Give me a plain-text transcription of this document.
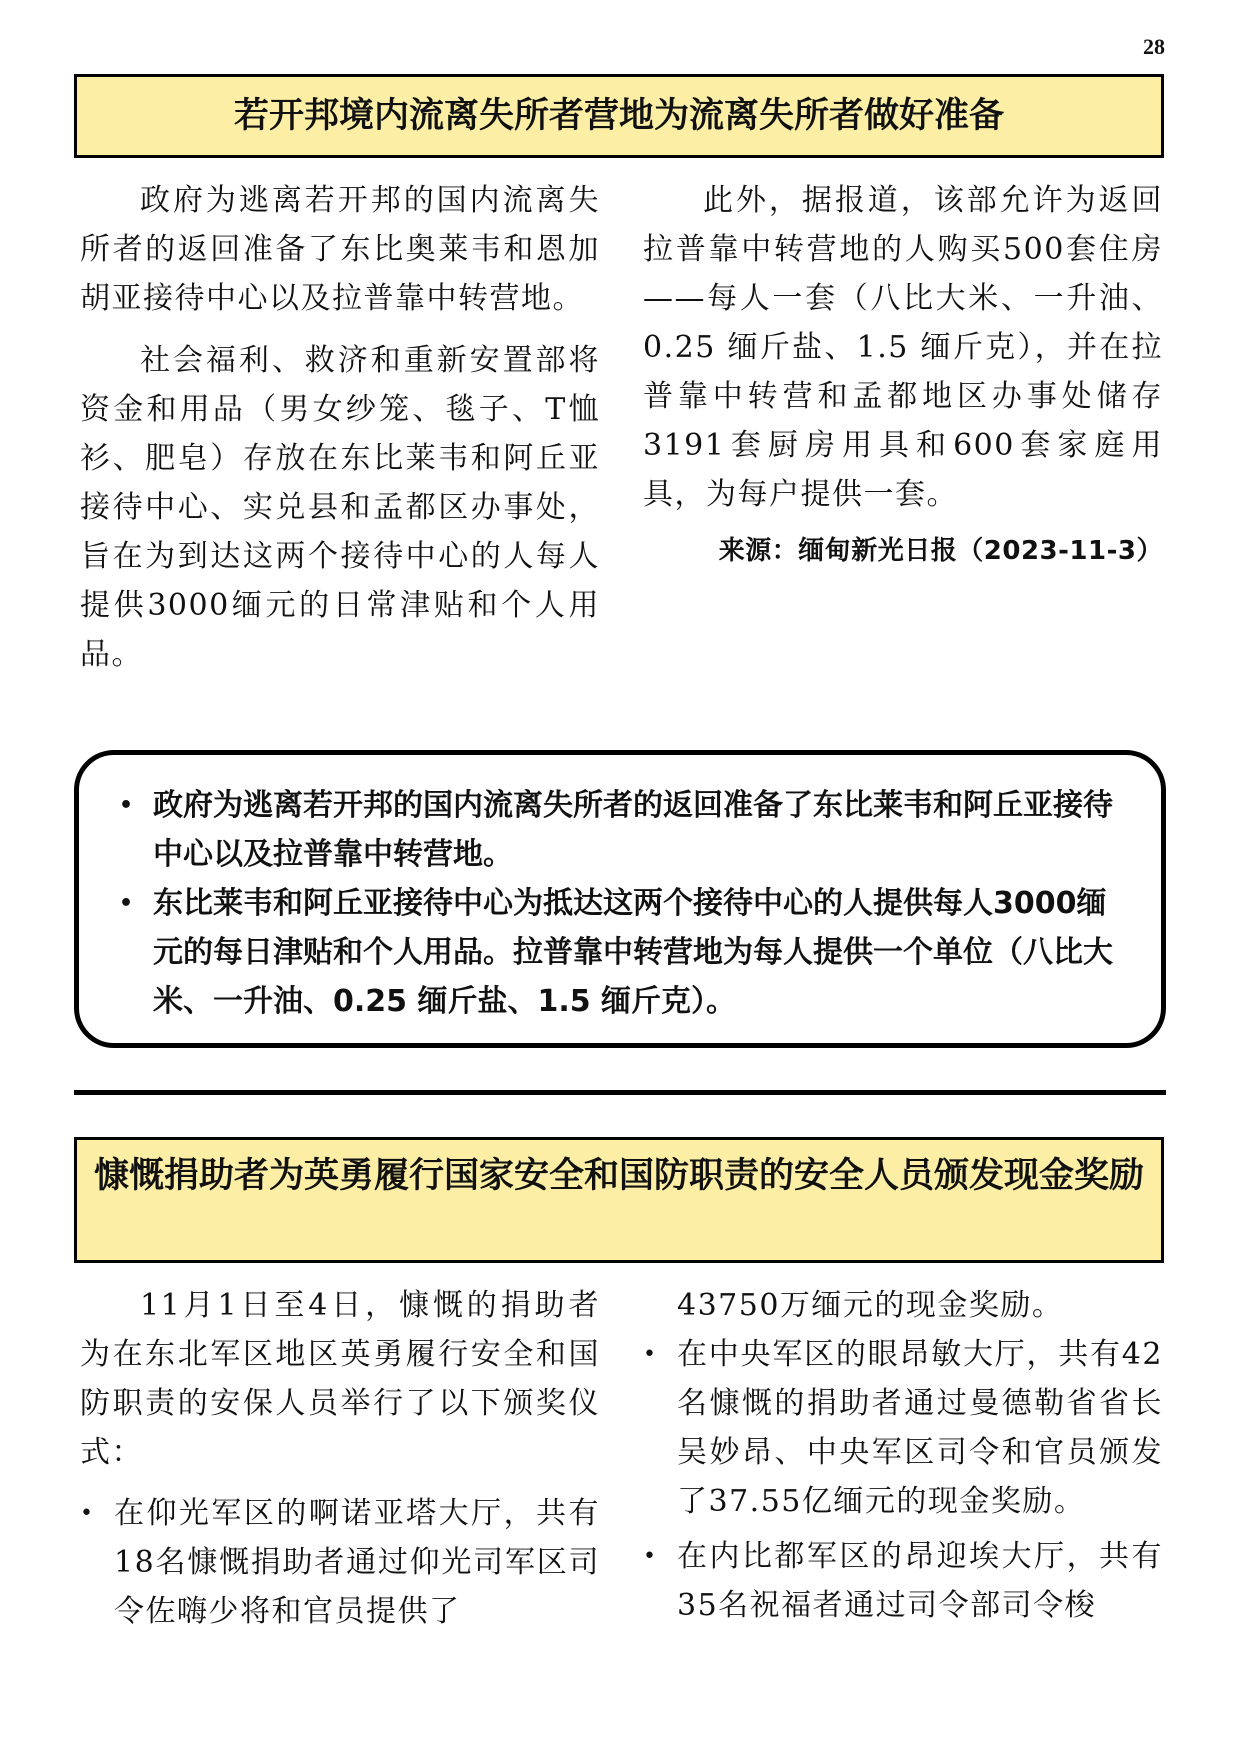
28
若开邦境内流离失所者营地为流离失所者做好准备

政府为逃离若开邦的国内流离失所者的返回准备了东比奥莱韦和恩加胡亚接待中心以及拉普靠中转营地。

社会福利、救济和重新安置部将资金和用品（男女纱笼、毯子、T恤衫、肥皂）存放在东比莱韦和阿丘亚接待中心、实兑县和孟都区办事处，旨在为到达这两个接待中心的人每人提供3000缅元的日常津贴和个人用品。

此外，据报道，该部允许为返回拉普靠中转营地的人购买500套住房——每人一套（八比大米、一升油、0.25 缅斤盐、1.5 缅斤克），并在拉普靠中转营和孟都地区办事处储存3191套厨房用具和600套家庭用具，为每户提供一套。

来源：缅甸新光日报（2023-11-3）
• 政府为逃离若开邦的国内流离失所者的返回准备了东比莱韦和阿丘亚接待中心以及拉普靠中转营地。
• 东比莱韦和阿丘亚接待中心为抵达这两个接待中心的人提供每人3000缅元的每日津贴和个人用品。拉普靠中转营地为每人提供一个单位（八比大米、一升油、0.25 缅斤盐、1.5 缅斤克）。
慷慨捐助者为英勇履行国家安全和国防职责的安全人员颁发现金奖励

11月1日至4日，慷慨的捐助者为在东北军区地区英勇履行安全和国防职责的安保人员举行了以下颁奖仪式：

• 在仰光军区的啊诺亚塔大厅，共有18名慷慨捐助者通过仰光司军区司令佐嗨少将和官员提供了

43750万缅元的现金奖励。

• 在中央军区的眼昂敏大厅，共有42名慷慨的捐助者通过曼德勒省省长吴妙昂、中央军区司令和官员颁发了37.55亿缅元的现金奖励。
• 在内比都军区的昂迎埃大厅，共有35名祝福者通过司令部司令梭
